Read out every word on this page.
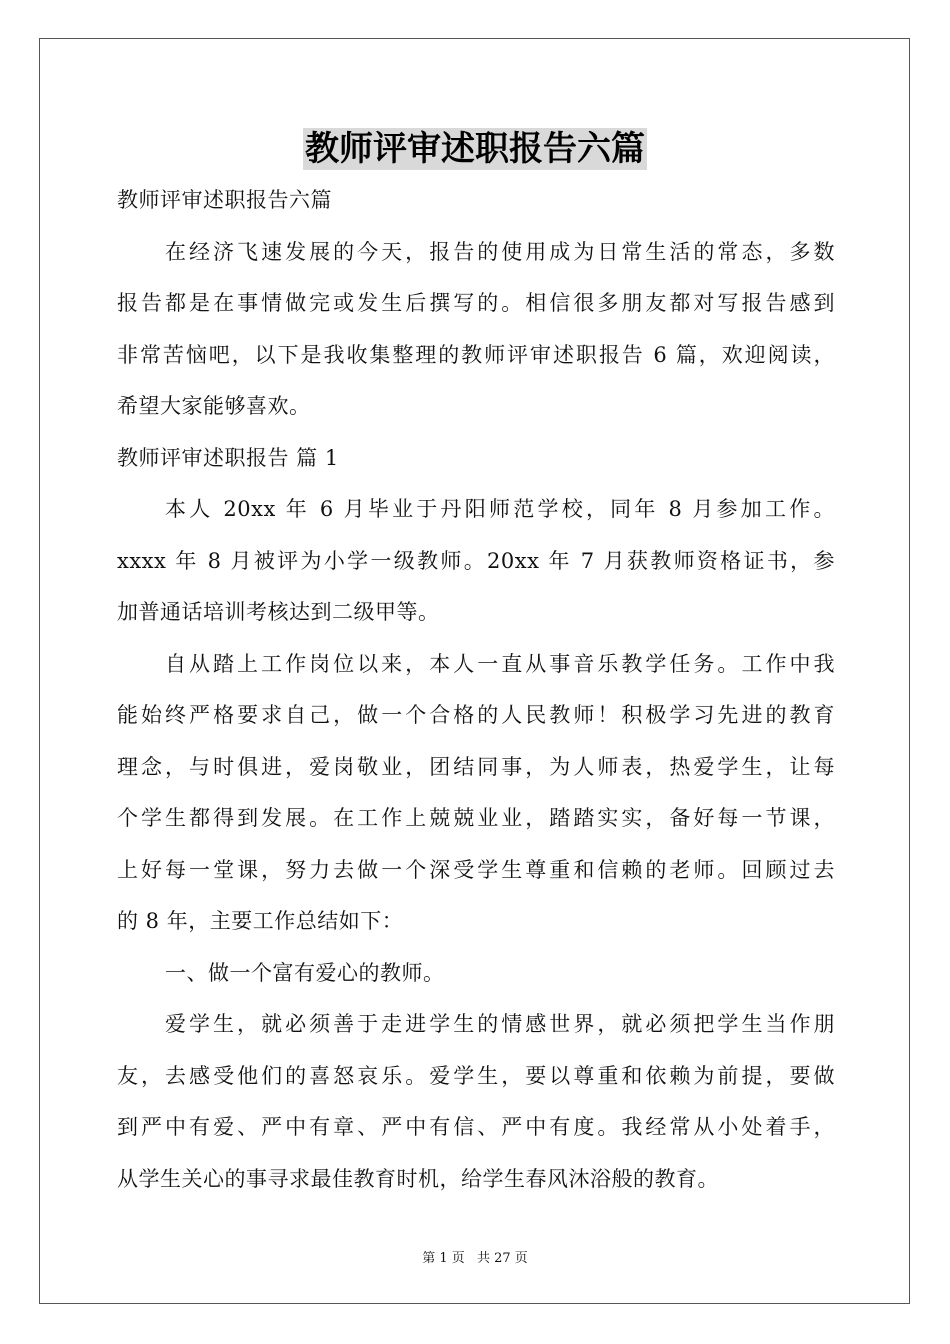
教师评审述职报告六篇
教师评审述职报告六篇
在经济飞速发展的今天，报告的使用成为日常生活的常态，多数
报告都是在事情做完或发生后撰写的。相信很多朋友都对写报告感到
非常苦恼吧，以下是我收集整理的教师评审述职报告 6 篇，欢迎阅读，
希望大家能够喜欢。
教师评审述职报告 篇 1
本人 20xx 年 6 月毕业于丹阳师范学校，同年 8 月参加工作。
xxxx 年 8 月被评为小学一级教师。20xx 年 7 月获教师资格证书，参
加普通话培训考核达到二级甲等。
自从踏上工作岗位以来，本人一直从事音乐教学任务。工作中我
能始终严格要求自己，做一个合格的人民教师！积极学习先进的教育
理念，与时俱进，爱岗敬业，团结同事，为人师表，热爱学生，让每
个学生都得到发展。在工作上兢兢业业，踏踏实实，备好每一节课，
上好每一堂课，努力去做一个深受学生尊重和信赖的老师。回顾过去
的 8 年，主要工作总结如下：
一、做一个富有爱心的教师。
爱学生，就必须善于走进学生的情感世界，就必须把学生当作朋
友，去感受他们的喜怒哀乐。爱学生，要以尊重和依赖为前提，要做
到严中有爱、严中有章、严中有信、严中有度。我经常从小处着手，
从学生关心的事寻求最佳教育时机，给学生春风沐浴般的教育。
第 1 页 共 27 页
